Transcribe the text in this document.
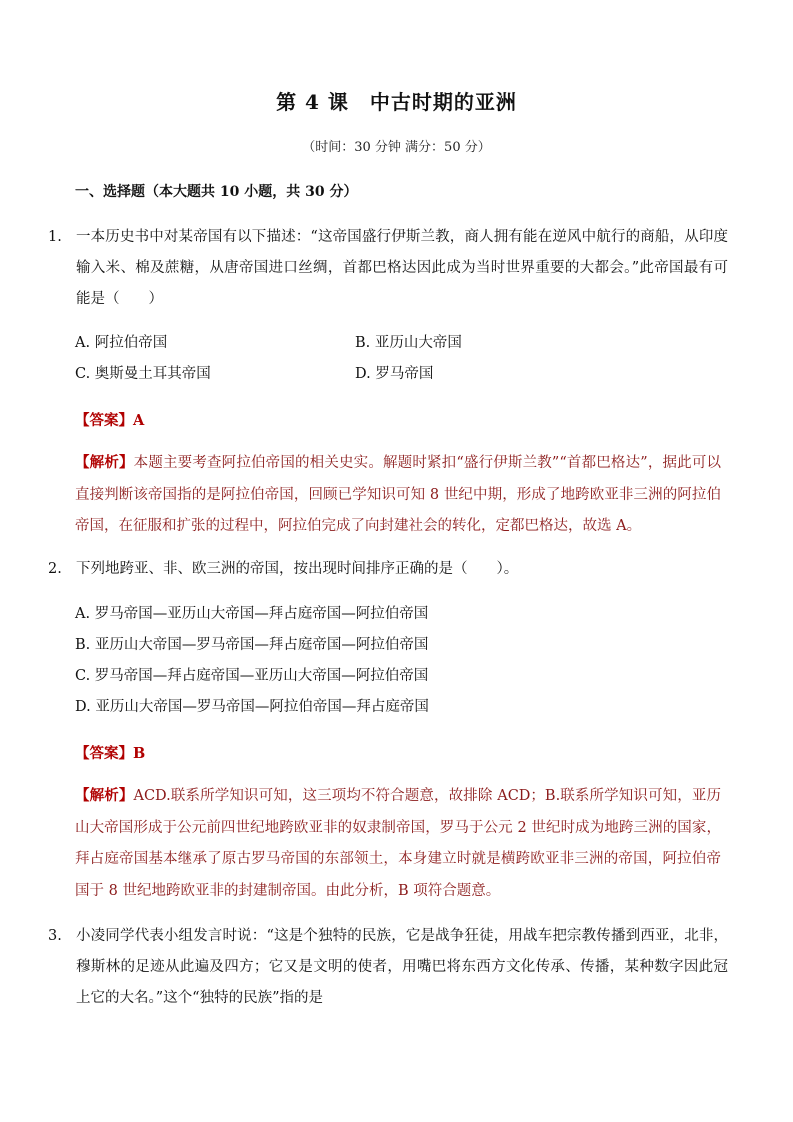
第 4 课　中古时期的亚洲
（时间：30 分钟 满分：50 分）
一、选择题（本大题共 10 小题，共 30 分）
1. 一本历史书中对某帝国有以下描述：“这帝国盛行伊斯兰教，商人拥有能在逆风中航行的商船，从印度输入米、棉及蔗糖，从唐帝国进口丝绸，首都巴格达因此成为当时世界重要的大都会。”此帝国最有可能是（　　）
A. 阿拉伯帝国	B. 亚历山大帝国
C. 奥斯曼土耳其帝国	D. 罗马帝国
【答案】A
【解析】本题主要考查阿拉伯帝国的相关史实。解题时紧扣“盛行伊斯兰教”“首都巴格达”，据此可以直接判断该帝国指的是阿拉伯帝国，回顾已学知识可知 8 世纪中期，形成了地跨欧亚非三洲的阿拉伯帝国，在征服和扩张的过程中，阿拉伯完成了向封建社会的转化，定都巴格达，故选 A。
2. 下列地跨亚、非、欧三洲的帝国，按出现时间排序正确的是（　　）。
A. 罗马帝国—亚历山大帝国—拜占庭帝国—阿拉伯帝国
B. 亚历山大帝国—罗马帝国—拜占庭帝国—阿拉伯帝国
C. 罗马帝国—拜占庭帝国—亚历山大帝国—阿拉伯帝国
D. 亚历山大帝国—罗马帝国—阿拉伯帝国—拜占庭帝国
【答案】B
【解析】ACD.联系所学知识可知，这三项均不符合题意，故排除 ACD；B.联系所学知识可知，亚历山大帝国形成于公元前四世纪地跨欧亚非的奴隶制帝国，罗马于公元 2 世纪时成为地跨三洲的国家，拜占庭帝国基本继承了原古罗马帝国的东部领土，本身建立时就是横跨欧亚非三洲的帝国，阿拉伯帝国于 8 世纪地跨欧亚非的封建制帝国。由此分析，B 项符合题意。
3. 小凌同学代表小组发言时说：“这是个独特的民族，它是战争狂徒，用战车把宗教传播到西亚，北非，穆斯林的足迹从此遍及四方；它又是文明的使者，用嘴巴将东西方文化传承、传播，某种数字因此冠上它的大名。”这个“独特的民族”指的是
